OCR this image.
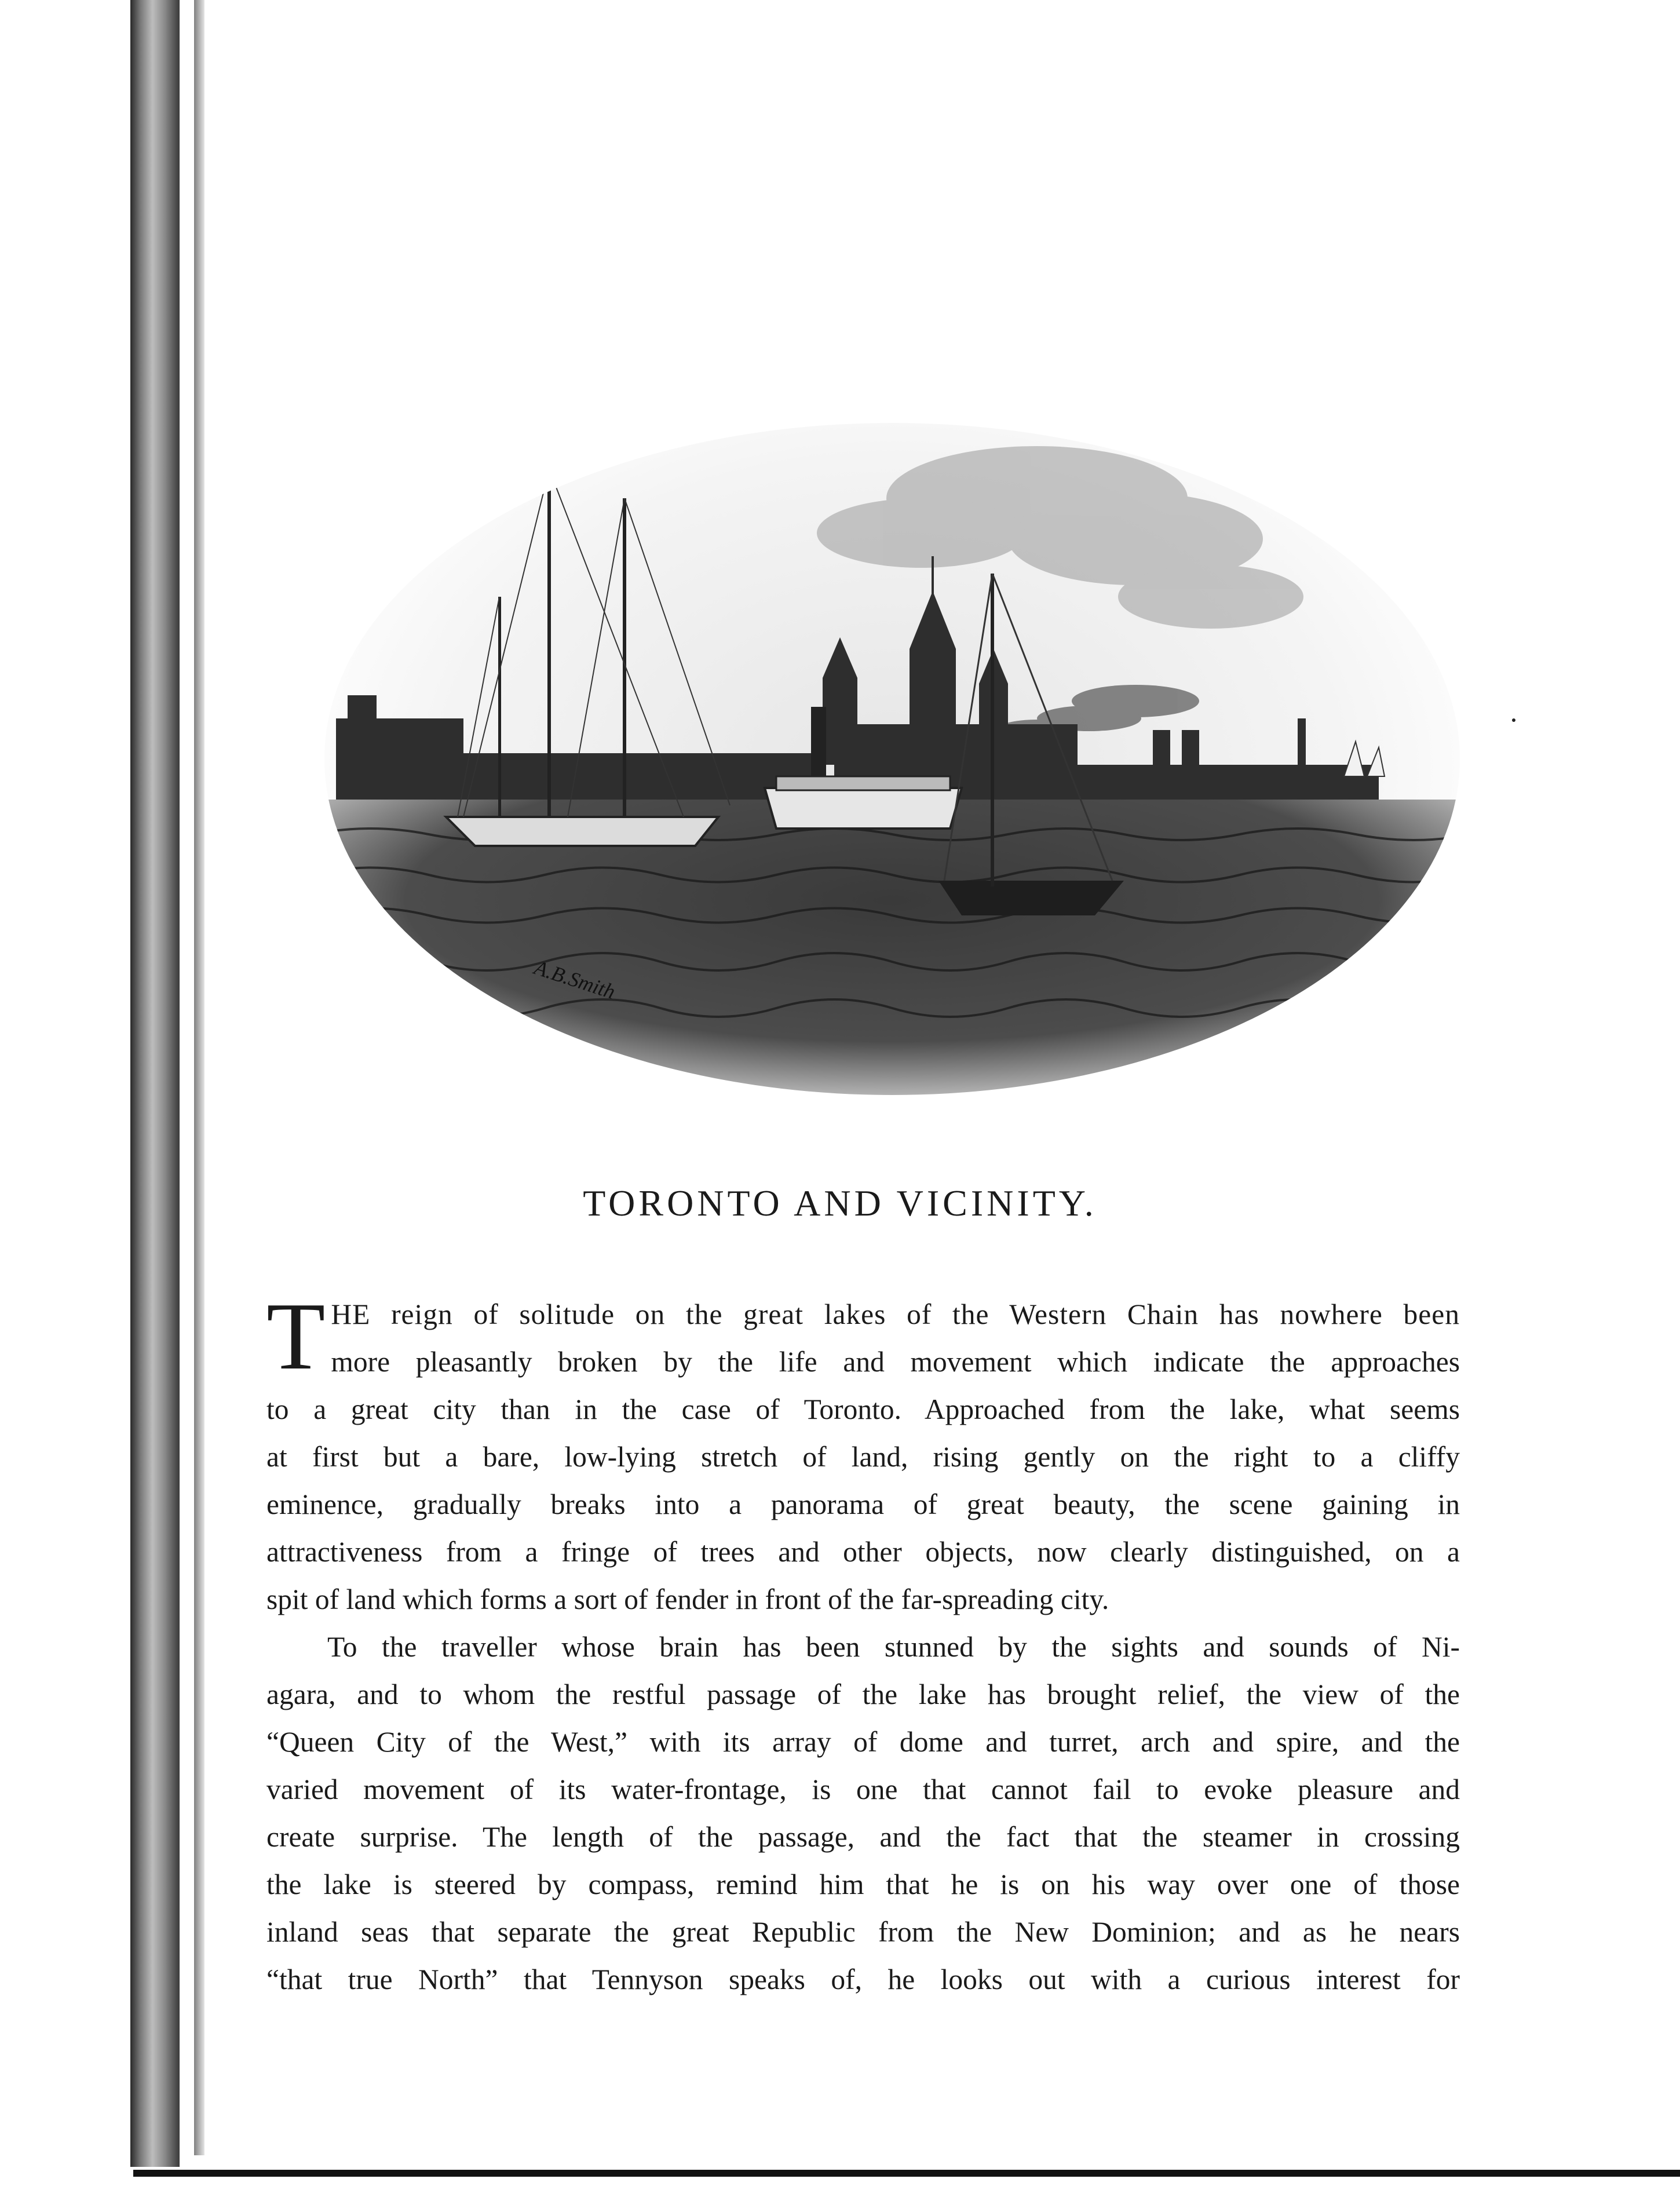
A.B.Smith
TORONTO AND VICINITY.
T HE reign of solitude on the great lakes of the Western Chain has nowhere been
more pleasantly broken by the life and movement which indicate the approaches
to a great city than in the case of Toronto. Approached from the lake, what seems
at first but a bare, low-lying stretch of land, rising gently on the right to a cliffy
eminence, gradually breaks into a panorama of great beauty, the scene gaining in
attractiveness from a fringe of trees and other objects, now clearly distinguished, on a
spit of land which forms a sort of fender in front of the far-spreading city.
To the traveller whose brain has been stunned by the sights and sounds of Ni-
agara, and to whom the restful passage of the lake has brought relief, the view of the
“Queen City of the West,” with its array of dome and turret, arch and spire, and the
varied movement of its water-frontage, is one that cannot fail to evoke pleasure and
create surprise. The length of the passage, and the fact that the steamer in crossing
the lake is steered by compass, remind him that he is on his way over one of those
inland seas that separate the great Republic from the New Dominion; and as he nears
“that true North” that Tennyson speaks of, he looks out with a curious interest for
